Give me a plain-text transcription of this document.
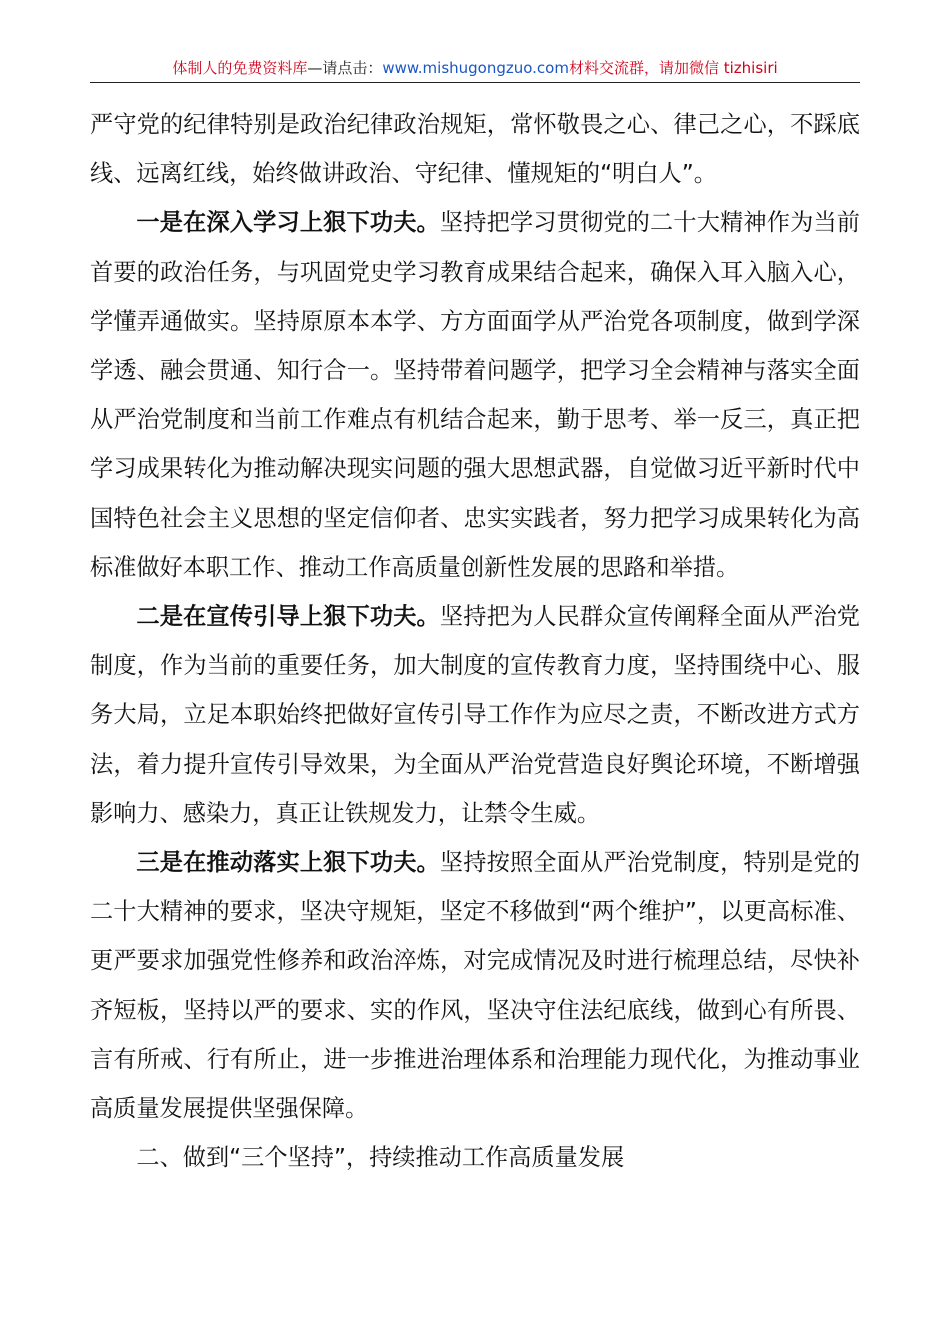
体制人的免费资料库—请点击：www.mishugongzuo.com材料交流群，请加微信 tizhisiri

严守党的纪律特别是政治纪律政治规矩，常怀敬畏之心、律己之心，不踩底线、远离红线，始终做讲政治、守纪律、懂规矩的“明白人”。

一是在深入学习上狠下功夫。坚持把学习贯彻党的二十大精神作为当前首要的政治任务，与巩固党史学习教育成果结合起来，确保入耳入脑入心，学懂弄通做实。坚持原原本本学、方方面面学从严治党各项制度，做到学深学透、融会贯通、知行合一。坚持带着问题学，把学习全会精神与落实全面从严治党制度和当前工作难点有机结合起来，勤于思考、举一反三，真正把学习成果转化为推动解决现实问题的强大思想武器，自觉做习近平新时代中国特色社会主义思想的坚定信仰者、忠实实践者，努力把学习成果转化为高标准做好本职工作、推动工作高质量创新性发展的思路和举措。

二是在宣传引导上狠下功夫。坚持把为人民群众宣传阐释全面从严治党制度，作为当前的重要任务，加大制度的宣传教育力度，坚持围绕中心、服务大局，立足本职始终把做好宣传引导工作作为应尽之责，不断改进方式方法，着力提升宣传引导效果，为全面从严治党营造良好舆论环境，不断增强影响力、感染力，真正让铁规发力，让禁令生威。

三是在推动落实上狠下功夫。坚持按照全面从严治党制度，特别是党的二十大精神的要求，坚决守规矩，坚定不移做到“两个维护”，以更高标准、更严要求加强党性修养和政治淬炼，对完成情况及时进行梳理总结，尽快补齐短板，坚持以严的要求、实的作风，坚决守住法纪底线，做到心有所畏、言有所戒、行有所止，进一步推进治理体系和治理能力现代化，为推动事业高质量发展提供坚强保障。

二、做到“三个坚持”，持续推动工作高质量发展
